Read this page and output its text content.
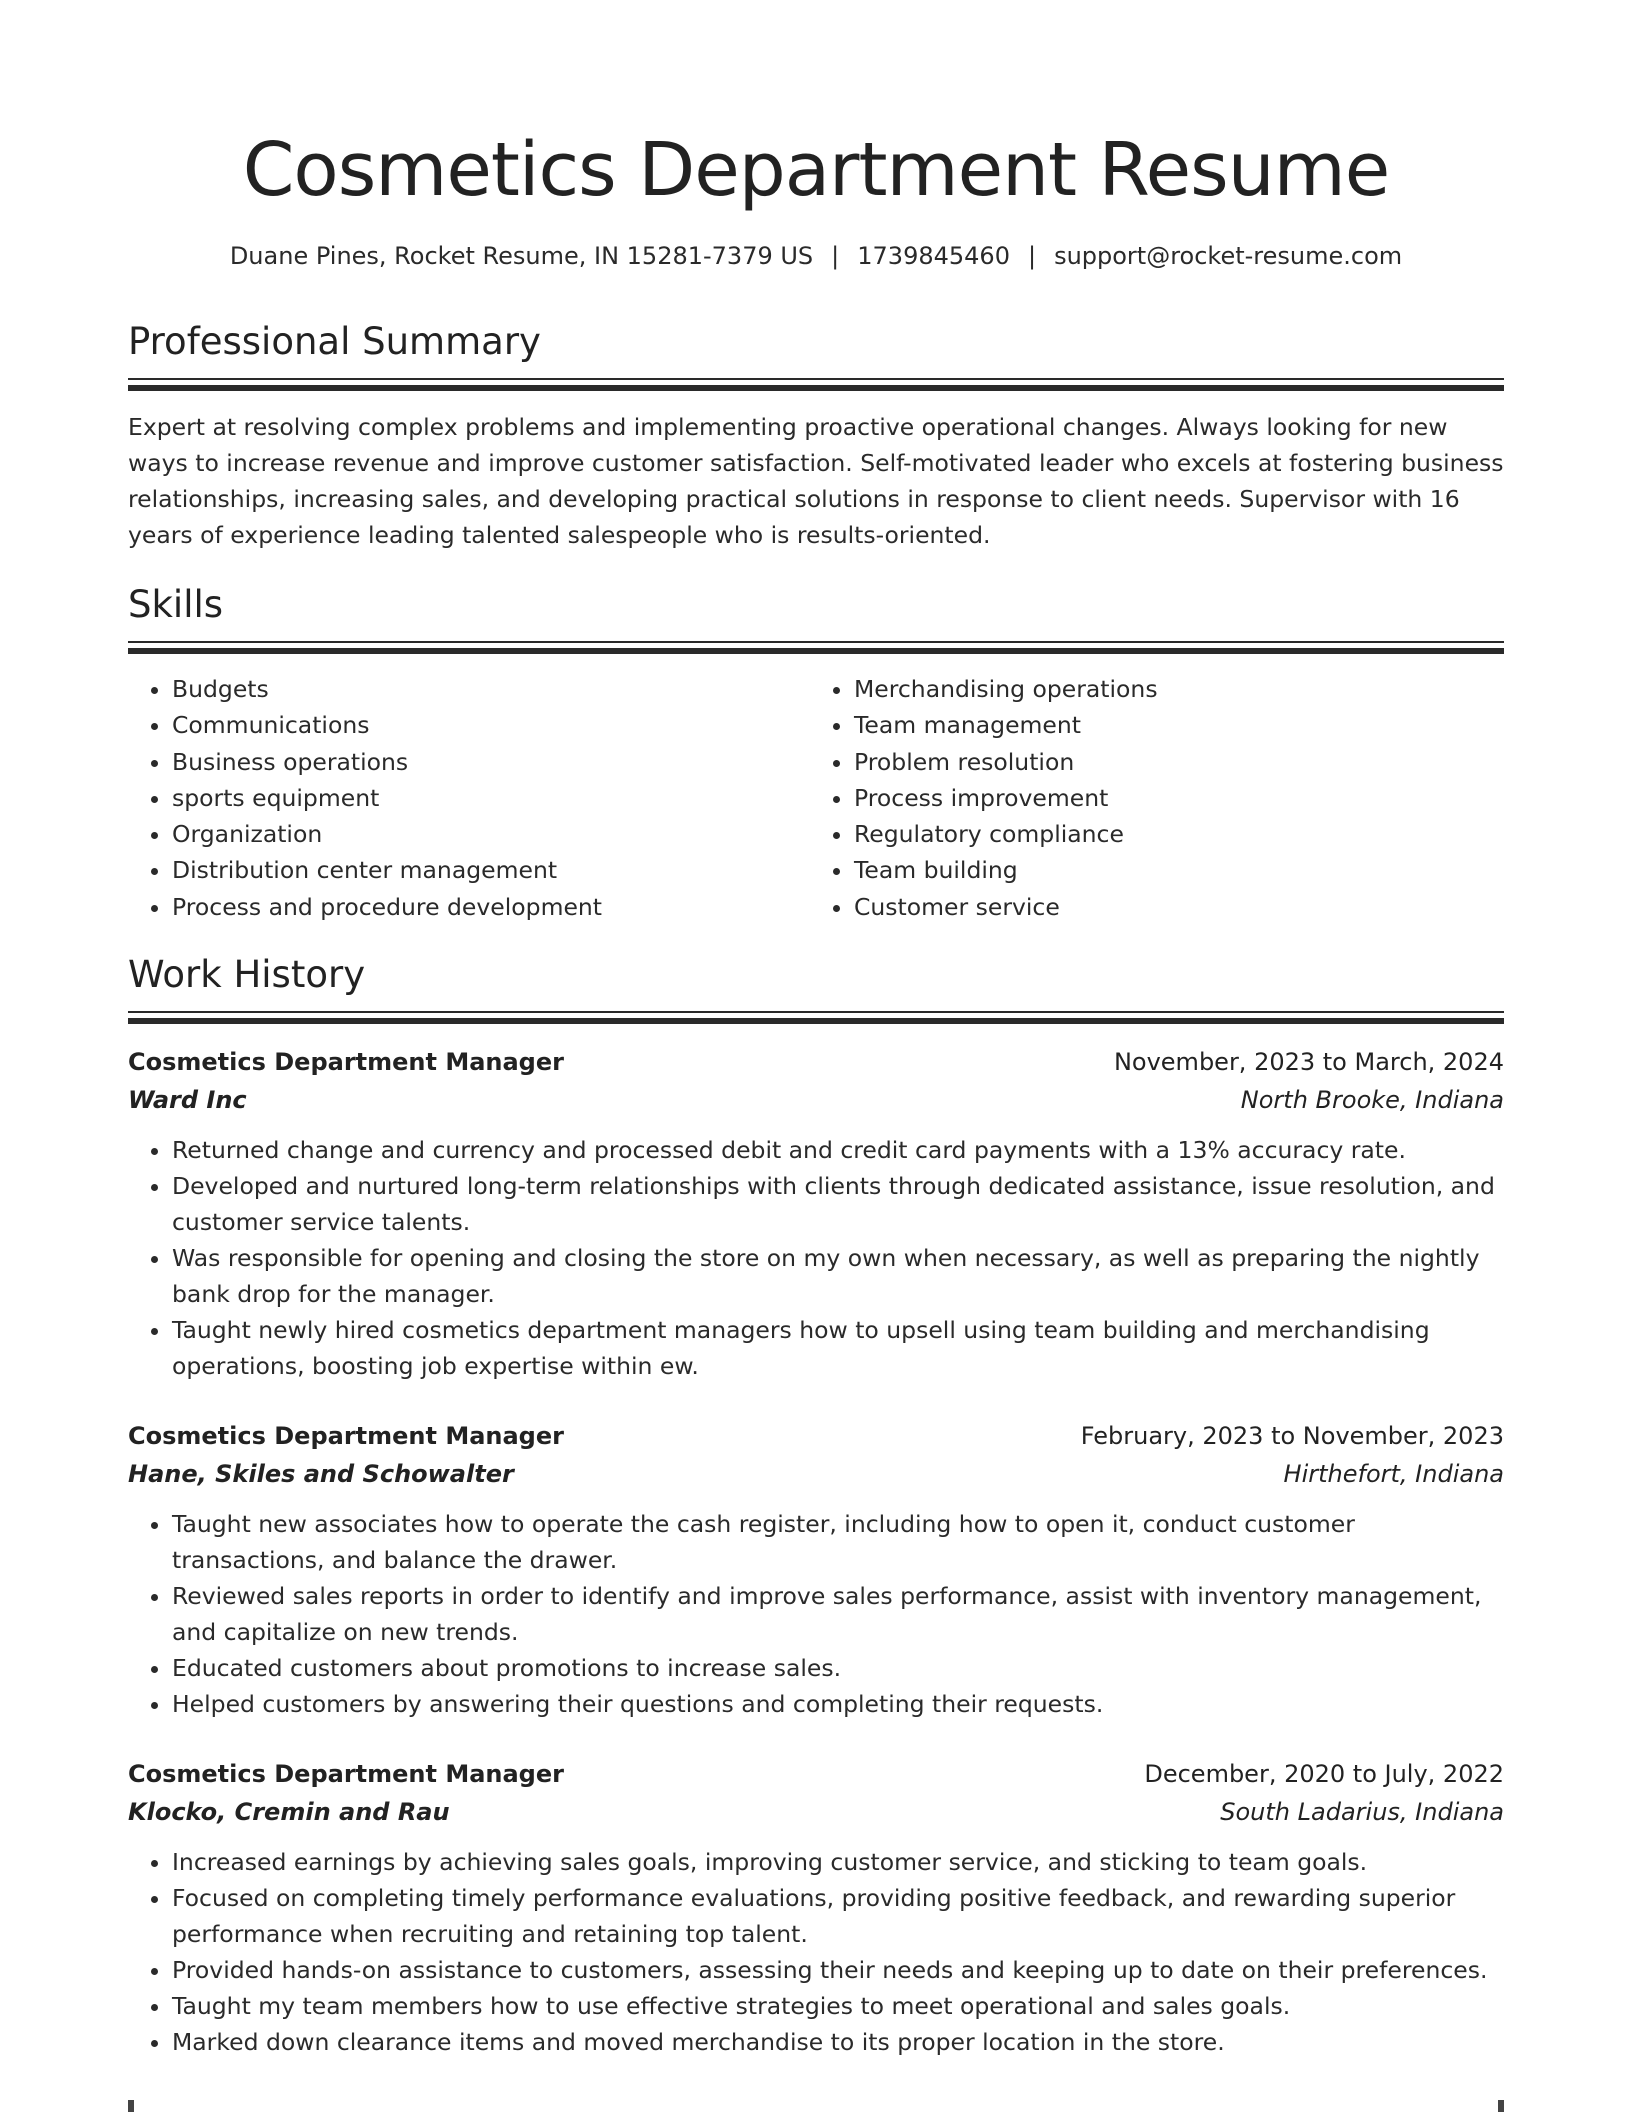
Cosmetics Department Resume
Duane Pines, Rocket Resume, IN 15281-7379 US | 1739845460 | support@rocket-resume.com
Professional Summary

Expert at resolving complex problems and implementing proactive operational changes. Always looking for new ways to increase revenue and improve customer satisfaction. Self-motivated leader who excels at fostering business relationships, increasing sales, and developing practical solutions in response to client needs. Supervisor with 16 years of experience leading talented salespeople who is results-oriented.

Skills
• Budgets
• Communications
• Business operations
• sports equipment
• Organization
• Distribution center management
• Process and procedure development
• Merchandising operations
• Team management
• Problem resolution
• Process improvement
• Regulatory compliance
• Team building
• Customer service
Work History
Cosmetics Department Manager	November, 2023 to March, 2024
Ward Inc	North Brooke, Indiana
• Returned change and currency and processed debit and credit card payments with a 13% accuracy rate.
• Developed and nurtured long-term relationships with clients through dedicated assistance, issue resolution, and customer service talents.
• Was responsible for opening and closing the store on my own when necessary, as well as preparing the nightly bank drop for the manager.
• Taught newly hired cosmetics department managers how to upsell using team building and merchandising operations, boosting job expertise within ew.
Cosmetics Department Manager	February, 2023 to November, 2023
Hane, Skiles and Schowalter	Hirthefort, Indiana
• Taught new associates how to operate the cash register, including how to open it, conduct customer transactions, and balance the drawer.
• Reviewed sales reports in order to identify and improve sales performance, assist with inventory management, and capitalize on new trends.
• Educated customers about promotions to increase sales.
• Helped customers by answering their questions and completing their requests.
Cosmetics Department Manager	December, 2020 to July, 2022
Klocko, Cremin and Rau	South Ladarius, Indiana
• Increased earnings by achieving sales goals, improving customer service, and sticking to team goals.
• Focused on completing timely performance evaluations, providing positive feedback, and rewarding superior performance when recruiting and retaining top talent.
• Provided hands-on assistance to customers, assessing their needs and keeping up to date on their preferences.
• Taught my team members how to use effective strategies to meet operational and sales goals.
• Marked down clearance items and moved merchandise to its proper location in the store.
